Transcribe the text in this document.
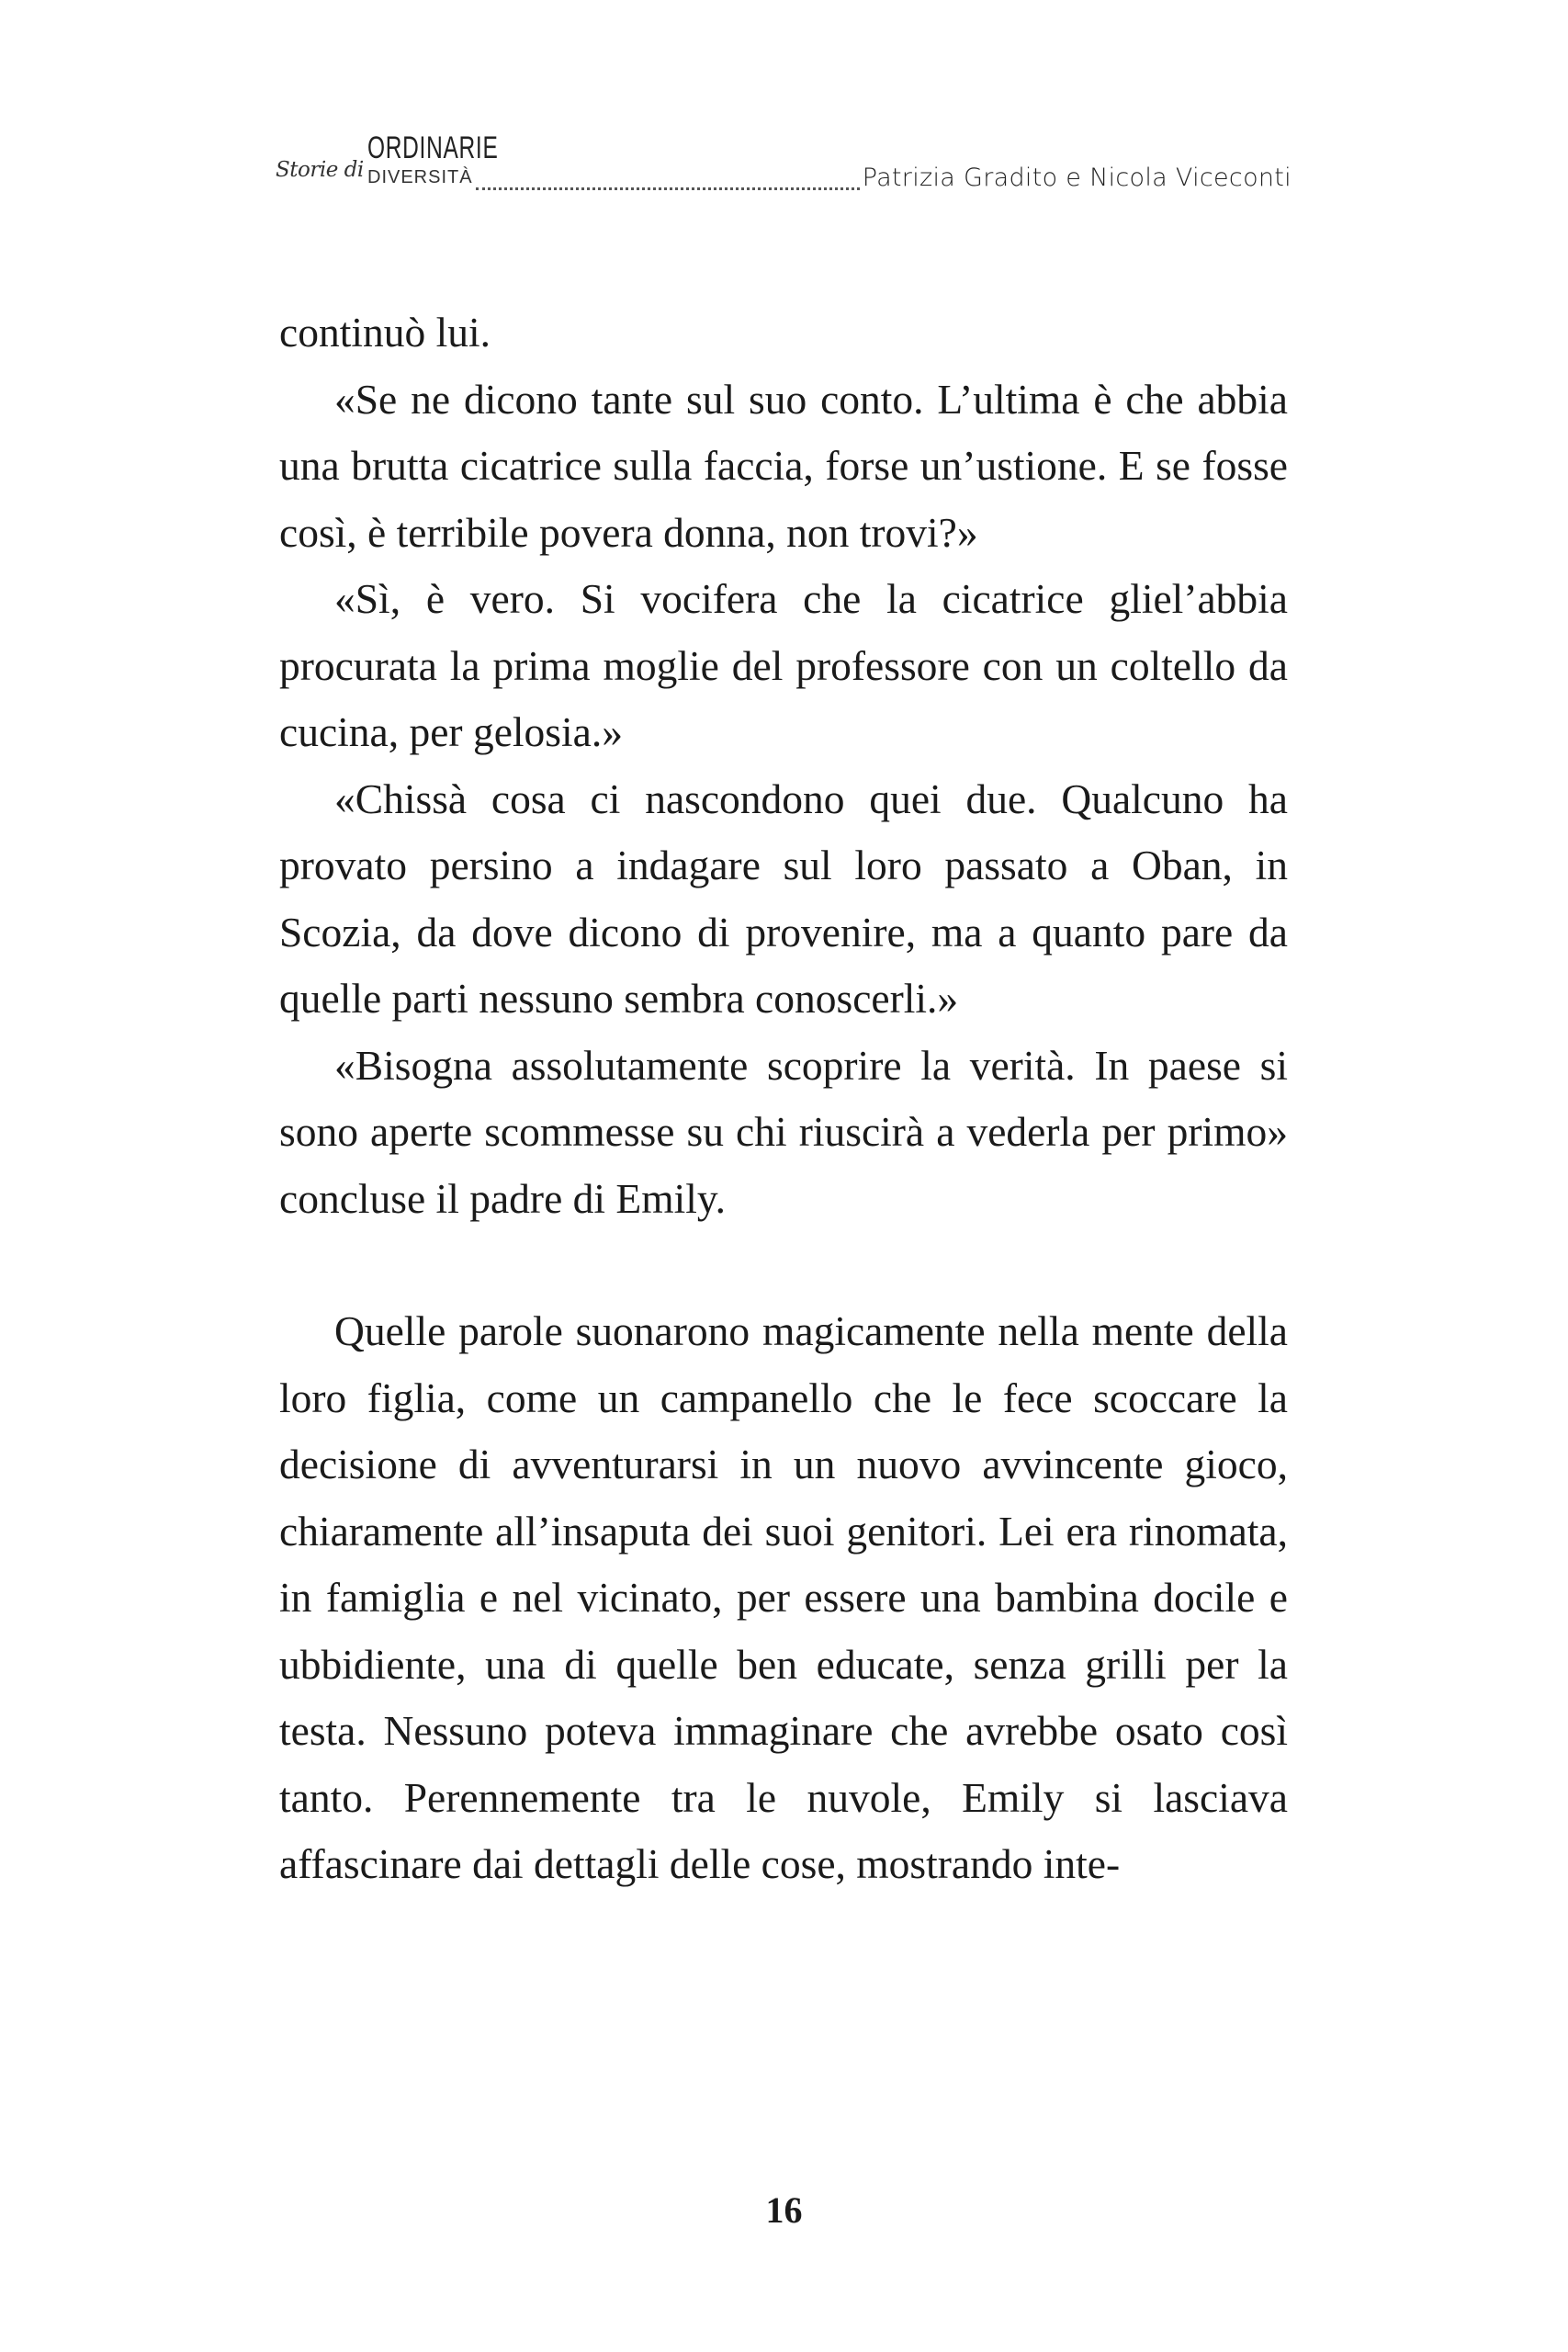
Storie di
ORDINARIE
DIVERSITÀ	Patrizia Gradito e Nicola Viceconti

continuò lui.

«Se ne dicono tante sul suo conto. L’ultima è che abbia una brutta cicatrice sulla faccia, forse un’ustione. E se fosse così, è terribile povera donna, non trovi?»

«Sì, è vero. Si vocifera che la cicatrice gliel’abbia procurata la prima moglie del professore con un coltello da cucina, per gelosia.»

«Chissà cosa ci nascondono quei due. Qualcuno ha provato persino a indagare sul loro passato a Oban, in Scozia, da dove dicono di provenire, ma a quanto pare da quelle parti nessuno sembra conoscerli.»

«Bisogna assolutamente scoprire la verità. In paese si sono aperte scommesse su chi riuscirà a vederla per primo» concluse il padre di Emily.

Quelle parole suonarono magicamente nella mente della loro figlia, come un campanello che le fece scoccare la decisione di avventurarsi in un nuovo avvincente gioco, chiaramente all’insaputa dei suoi genitori. Lei era rinomata, in famiglia e nel vicinato, per essere una bambina docile e ubbidiente, una di quelle ben educate, senza grilli per la testa. Nessuno poteva immaginare che avrebbe osato così tanto. Perennemente tra le nuvole, Emily si lasciava affascinare dai dettagli delle cose, mostrando inte-

16
